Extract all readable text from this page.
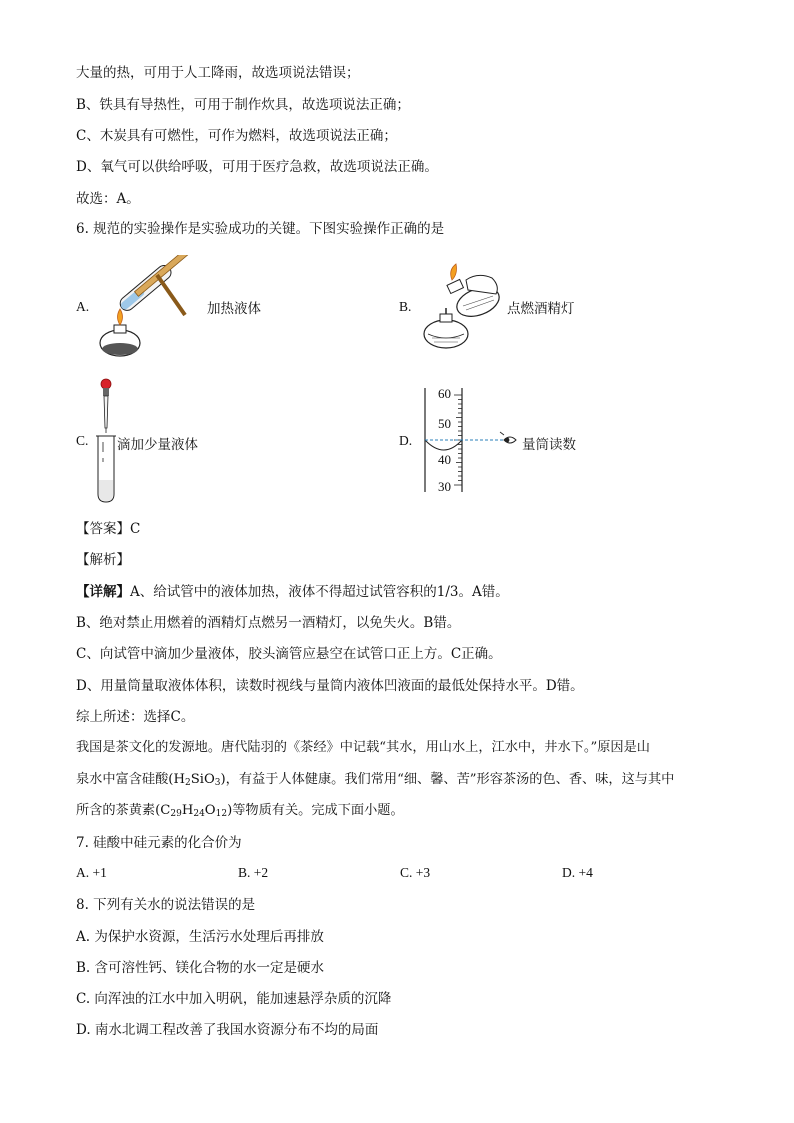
大量的热，可用于人工降雨，故选项说法错误；
B、铁具有导热性，可用于制作炊具，故选项说法正确；
C、木炭具有可燃性，可作为燃料，故选项说法正确；
D、氧气可以供给呼吸，可用于医疗急救，故选项说法正确。
故选：A。
6. 规范的实验操作是实验成功的关键。下图实验操作正确的是
A.	加热液体	B.	点燃酒精灯
C. 滴加少量液体	D.
60
50
40
30
量筒读数
【答案】C
【解析】
【详解】A、给试管中的液体加热，液体不得超过试管容积的1/3。A错。
B、绝对禁止用燃着的酒精灯点燃另一酒精灯，以免失火。B错。
C、向试管中滴加少量液体，胶头滴管应悬空在试管口正上方。C正确。
D、用量筒量取液体体积，读数时视线与量筒内液体凹液面的最低处保持水平。D错。
综上所述：选择C。
我国是茶文化的发源地。唐代陆羽的《茶经》中记载“其水，用山水上，江水中，井水下。”原因是山
泉水中富含硅酸$(H_2SiO_3)$，有益于人体健康。我们常用“细、馨、苦”形容茶汤的色、香、味，这与其中
所含的茶黄素$(C_{29}H_{24}O_{12})$等物质有关。完成下面小题。
7. 硅酸中硅元素的化合价为
A. +1	B. +2	C. +3	D. +4
8. 下列有关水的说法错误的是
A. 为保护水资源，生活污水处理后再排放
B. 含可溶性钙、镁化合物的水一定是硬水
C. 向浑浊的江水中加入明矾，能加速悬浮杂质的沉降
D. 南水北调工程改善了我国水资源分布不均的局面
